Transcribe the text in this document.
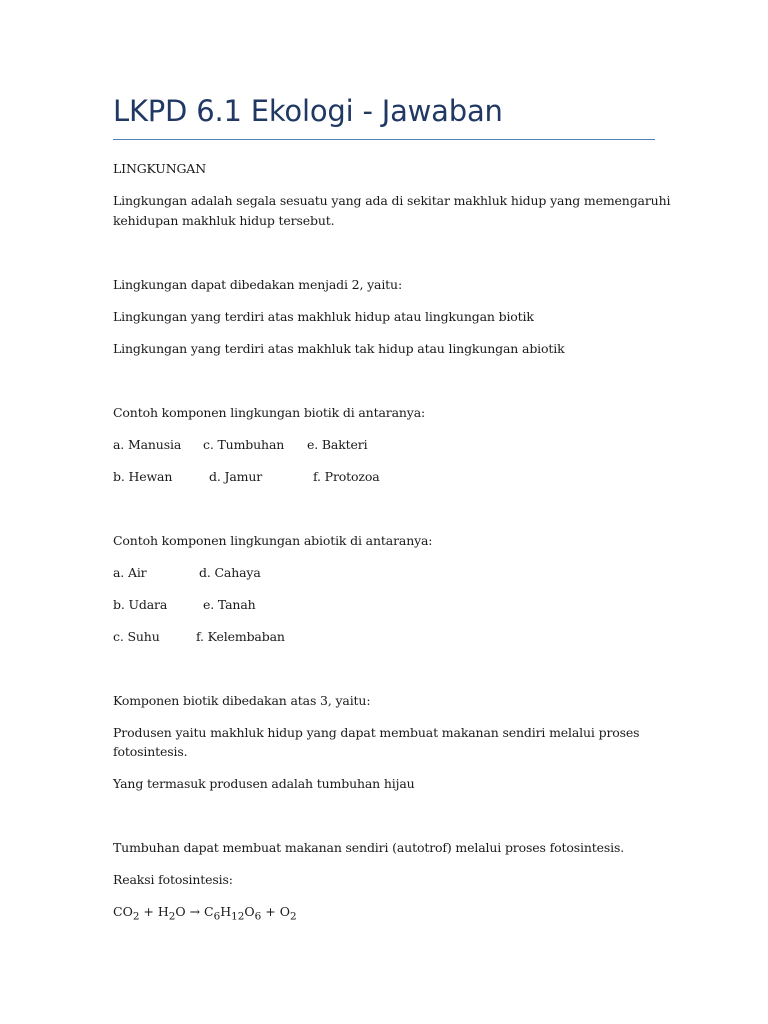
LKPD 6.1 Ekologi - Jawaban
LINGKUNGAN
Lingkungan adalah segala sesuatu yang ada di sekitar makhluk hidup yang memengaruhi
kehidupan makhluk hidup tersebut.
Lingkungan dapat dibedakan menjadi 2, yaitu:
Lingkungan yang terdiri atas makhluk hidup atau lingkungan biotik
Lingkungan yang terdiri atas makhluk tak hidup atau lingkungan abiotik
Contoh komponen lingkungan biotik di antaranya:
a. Manusia c. Tumbuhan e. Bakteri
b. Hewan	d. Jamur	f. Protozoa
Contoh komponen lingkungan abiotik di antaranya:
a. Air	d. Cahaya
b. Udara	e. Tanah
c. Suhu	f. Kelembaban
Komponen biotik dibedakan atas 3, yaitu:
Produsen yaitu makhluk hidup yang dapat membuat makanan sendiri melalui proses
fotosintesis.
Yang termasuk produsen adalah tumbuhan hijau
Tumbuhan dapat membuat makanan sendiri (autotrof) melalui proses fotosintesis.
Reaksi fotosintesis:
$CO_2 + H_2O \to C_6H_{12}O_6 + O_2$
